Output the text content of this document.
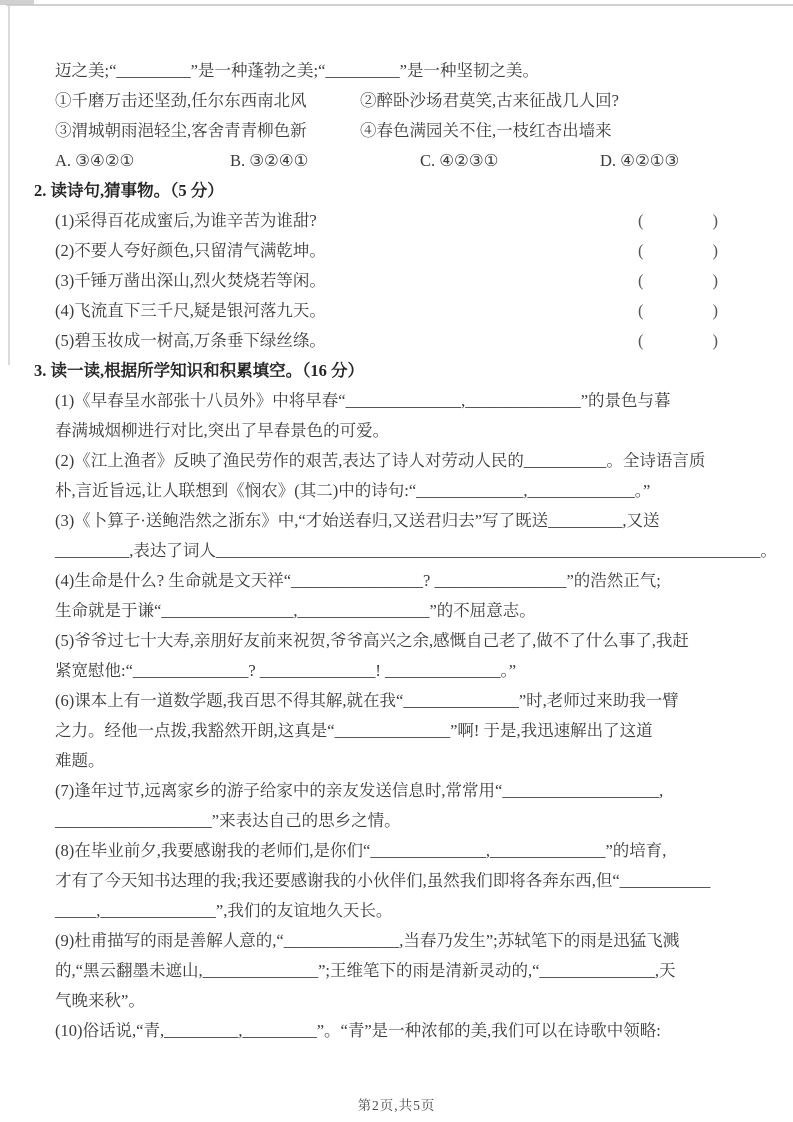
迈之美;“_________”是一种蓬勃之美;“_________”是一种坚韧之美。
①千磨万击还坚劲,任尔东西南北风	②醉卧沙场君莫笑,古来征战几人回?
③渭城朝雨浥轻尘,客舍青青柳色新	④春色满园关不住,一枝红杏出墙来
A. ③④②①	B. ③②④①	C. ④②③①	D. ④②①③
2. 读诗句,猜事物。（5 分）
(1)采得百花成蜜后,为谁辛苦为谁甜?	(	)
(2)不要人夸好颜色,只留清气满乾坤。	(	)
(3)千锤万凿出深山,烈火焚烧若等闲。	(	)
(4)飞流直下三千尺,疑是银河落九天。	(	)
(5)碧玉妆成一树高,万条垂下绿丝绦。	(	)
3. 读一读,根据所学知识和积累填空。（16 分）
(1)《早春呈水部张十八员外》中将早春“______________,______________”的景色与暮
春满城烟柳进行对比,突出了早春景色的可爱。
(2)《江上渔者》反映了渔民劳作的艰苦,表达了诗人对劳动人民的__________。全诗语言质
朴,言近旨远,让人联想到《悯农》(其二)中的诗句:“_____________,_____________。”
(3)《卜算子·送鲍浩然之浙东》中,“才始送春归,又送君归去”写了既送_________,又送
_________,表达了词人__________________________________________________________________。
(4)生命是什么? 生命就是文天祥“________________? ________________”的浩然正气;
生命就是于谦“________________,________________”的不屈意志。
(5)爷爷过七十大寿,亲朋好友前来祝贺,爷爷高兴之余,感慨自己老了,做不了什么事了,我赶
紧宽慰他:“______________? ______________! ______________。”
(6)课本上有一道数学题,我百思不得其解,就在我“______________”时,老师过来助我一臂
之力。经他一点拨,我豁然开朗,这真是“______________”啊! 于是,我迅速解出了这道
难题。
(7)逢年过节,远离家乡的游子给家中的亲友发送信息时,常常用“___________________,
___________________”来表达自己的思乡之情。
(8)在毕业前夕,我要感谢我的老师们,是你们“______________,______________”的培育,
才有了今天知书达理的我;我还要感谢我的小伙伴们,虽然我们即将各奔东西,但“___________
_____,______________”,我们的友谊地久天长。
(9)杜甫描写的雨是善解人意的,“______________,当春乃发生”;苏轼笔下的雨是迅猛飞溅
的,“黑云翻墨未遮山,______________”;王维笔下的雨是清新灵动的,“______________,天
气晚来秋”。
(10)俗话说,“青,_________,_________”。“青”是一种浓郁的美,我们可以在诗歌中领略:
第2页,共5页
